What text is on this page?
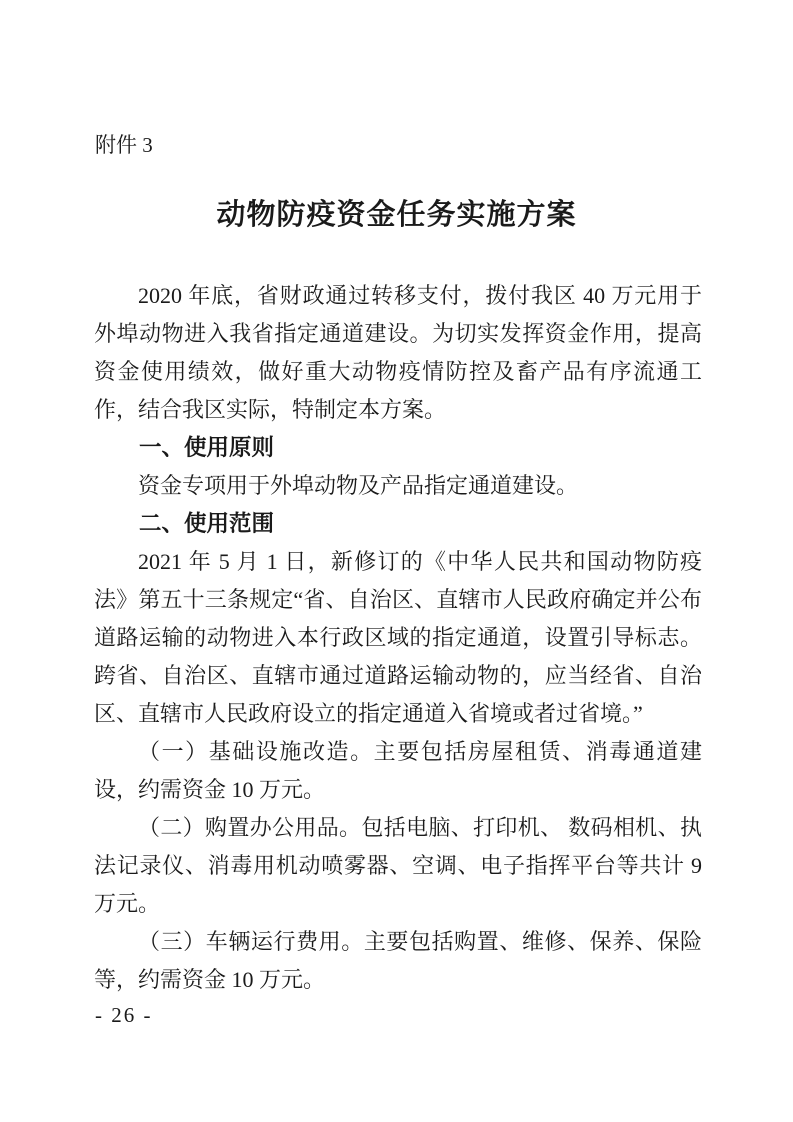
附件 3
动物防疫资金任务实施方案

2020 年底，省财政通过转移支付，拨付我区 40 万元用于外埠动物进入我省指定通道建设。为切实发挥资金作用，提高资金使用绩效，做好重大动物疫情防控及畜产品有序流通工作，结合我区实际，特制定本方案。

一、使用原则

资金专项用于外埠动物及产品指定通道建设。

二、使用范围

2021 年 5 月 1 日，新修订的《中华人民共和国动物防疫法》第五十三条规定“省、自治区、直辖市人民政府确定并公布道路运输的动物进入本行政区域的指定通道，设置引导标志。跨省、自治区、直辖市通过道路运输动物的，应当经省、自治区、直辖市人民政府设立的指定通道入省境或者过省境。”

（一）基础设施改造。主要包括房屋租赁、消毒通道建设，约需资金 10 万元。

（二）购置办公用品。包括电脑、打印机、 数码相机、执法记录仪、消毒用机动喷雾器、空调、电子指挥平台等共计 9 万元。

（三）车辆运行费用。主要包括购置、维修、保养、保险等，约需资金 10 万元。

- 26 -
